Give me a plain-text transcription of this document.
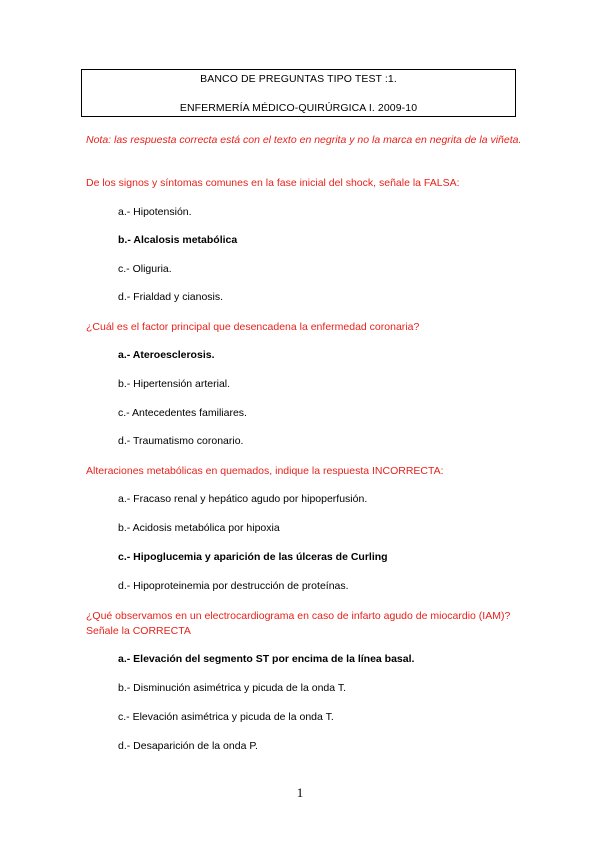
BANCO DE PREGUNTAS TIPO TEST :1.
ENFERMERÍA MÉDICO-QUIRÚRGICA I. 2009-10
Nota: las respuesta correcta está con el texto en negrita y no la marca en negrita de la viñeta.
De los signos y síntomas comunes en la fase inicial del shock, señale la FALSA:
a.- Hipotensión.
b.- Alcalosis metabólica
c.- Oliguria.
d.- Frialdad y cianosis.
¿Cuál es el factor principal que desencadena la enfermedad coronaria?
a.- Ateroesclerosis.
b.- Hipertensión arterial.
c.- Antecedentes familiares.
d.- Traumatismo coronario.
Alteraciones metabólicas en quemados, indique la respuesta INCORRECTA:
a.- Fracaso renal y hepático agudo por hipoperfusión.
b.- Acidosis metabólica por hipoxia
c.- Hipoglucemia y aparición de las úlceras de Curling
d.- Hipoproteinemia por destrucción de proteínas.
¿Qué observamos en un electrocardiograma en caso de infarto agudo de miocardio (IAM)? Señale la CORRECTA
a.- Elevación del segmento ST por encima de la línea basal.
b.- Disminución asimétrica y picuda de la onda T.
c.- Elevación asimétrica y picuda de la onda T.
d.- Desaparición de la onda P.
1
